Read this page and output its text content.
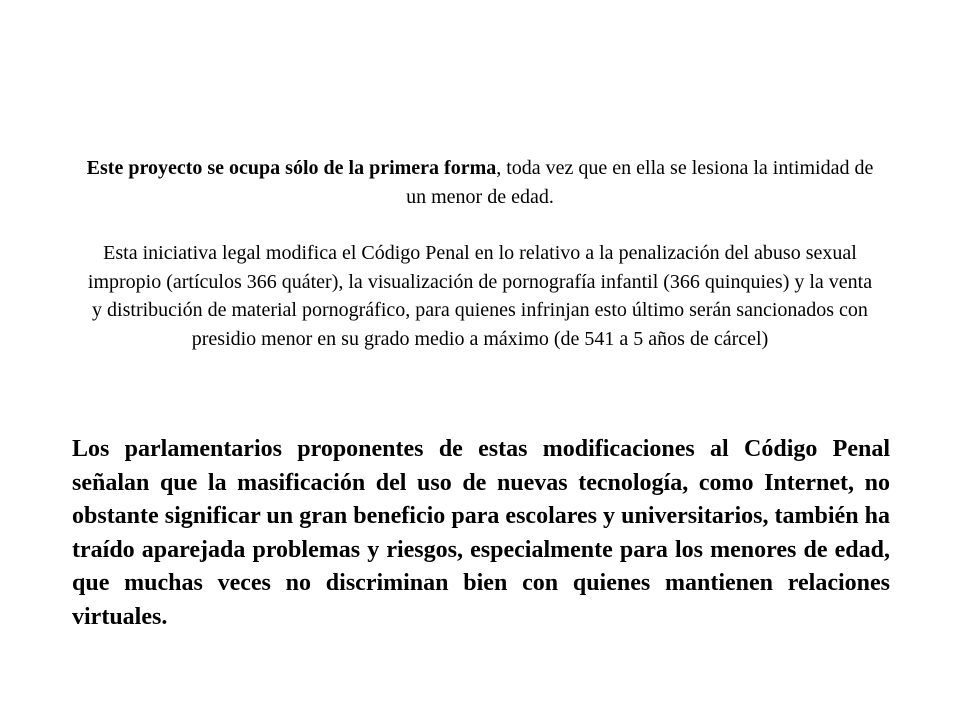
Este proyecto se ocupa sólo de la primera forma, toda vez que en ella se lesiona la intimidad de un menor de edad.

Esta iniciativa legal modifica el Código Penal en lo relativo a la penalización del abuso sexual impropio (artículos 366 quáter), la visualización de pornografía infantil (366 quinquies) y la venta y distribución de material pornográfico, para quienes infrinjan esto último serán sancionados con presidio menor en su grado medio a máximo (de 541 a 5 años de cárcel)

Los parlamentarios proponentes de estas modificaciones al Código Penal señalan que la masificación del uso de nuevas tecnología, como Internet, no obstante significar un gran beneficio para escolares y universitarios, también ha traído aparejada problemas y riesgos, especialmente para los menores de edad, que muchas veces no discriminan bien con quienes mantienen relaciones virtuales.
